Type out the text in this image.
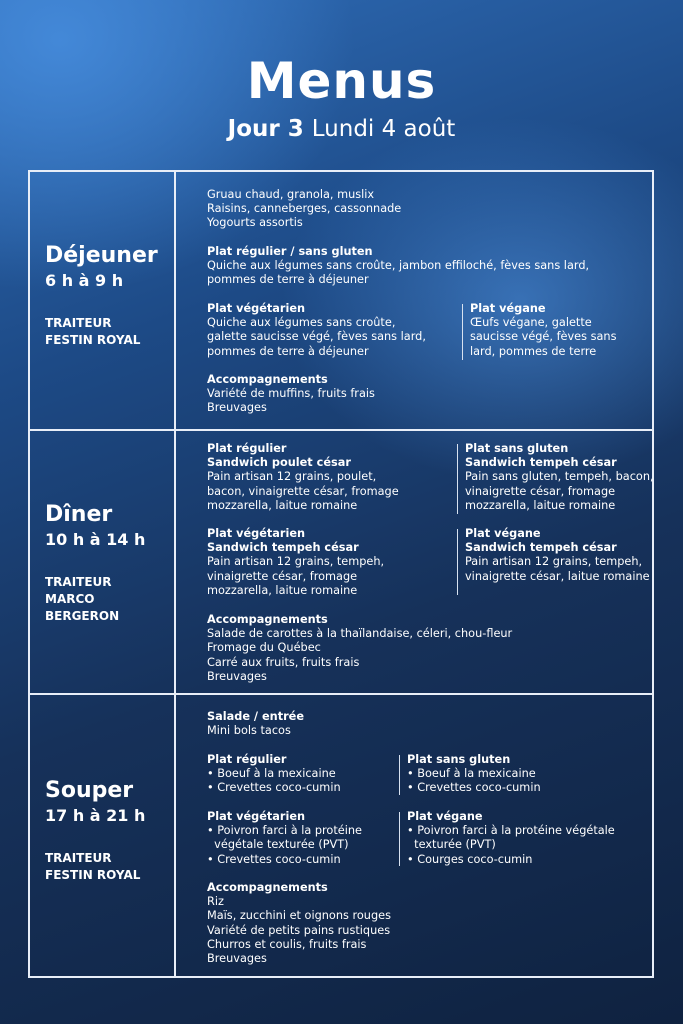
Menus
Jour 3 Lundi 4 août
Déjeuner
6 h à 9 h
TRAITEUR
FESTIN ROYAL
Gruau chaud, granola, muslix
Raisins, canneberges, cassonnade
Yogourts assortis
Plat régulier / sans gluten
Quiche aux légumes sans croûte, jambon effiloché, fèves sans lard,
pommes de terre à déjeuner
Plat végétarien
Quiche aux légumes sans croûte,
galette saucisse végé, fèves sans lard,
pommes de terre à déjeuner
Plat végane
Œufs végane, galette
saucisse végé, fèves sans
lard, pommes de terre
Accompagnements
Variété de muffins, fruits frais
Breuvages
Dîner
10 h à 14 h
TRAITEUR
MARCO
BERGERON
Plat régulier
Sandwich poulet césar
Pain artisan 12 grains, poulet,
bacon, vinaigrette césar, fromage
mozzarella, laitue romaine
Plat sans gluten
Sandwich tempeh césar
Pain sans gluten, tempeh, bacon,
vinaigrette césar, fromage
mozzarella, laitue romaine
Plat végétarien
Sandwich tempeh césar
Pain artisan 12 grains, tempeh,
vinaigrette césar, fromage
mozzarella, laitue romaine
Plat végane
Sandwich tempeh césar
Pain artisan 12 grains, tempeh,
vinaigrette césar, laitue romaine
Accompagnements
Salade de carottes à la thaïlandaise, céleri, chou-fleur
Fromage du Québec
Carré aux fruits, fruits frais
Breuvages
Souper
17 h à 21 h
TRAITEUR
FESTIN ROYAL
Salade / entrée
Mini bols tacos
Plat régulier
• Boeuf à la mexicaine
• Crevettes coco-cumin
Plat sans gluten
• Boeuf à la mexicaine
• Crevettes coco-cumin
Plat végétarien
• Poivron farci à la protéine
végétale texturée (PVT)
• Crevettes coco-cumin
Plat végane
• Poivron farci à la protéine végétale
texturée (PVT)
• Courges coco-cumin
Accompagnements
Riz
Maïs, zucchini et oignons rouges
Variété de petits pains rustiques
Churros et coulis, fruits frais
Breuvages
